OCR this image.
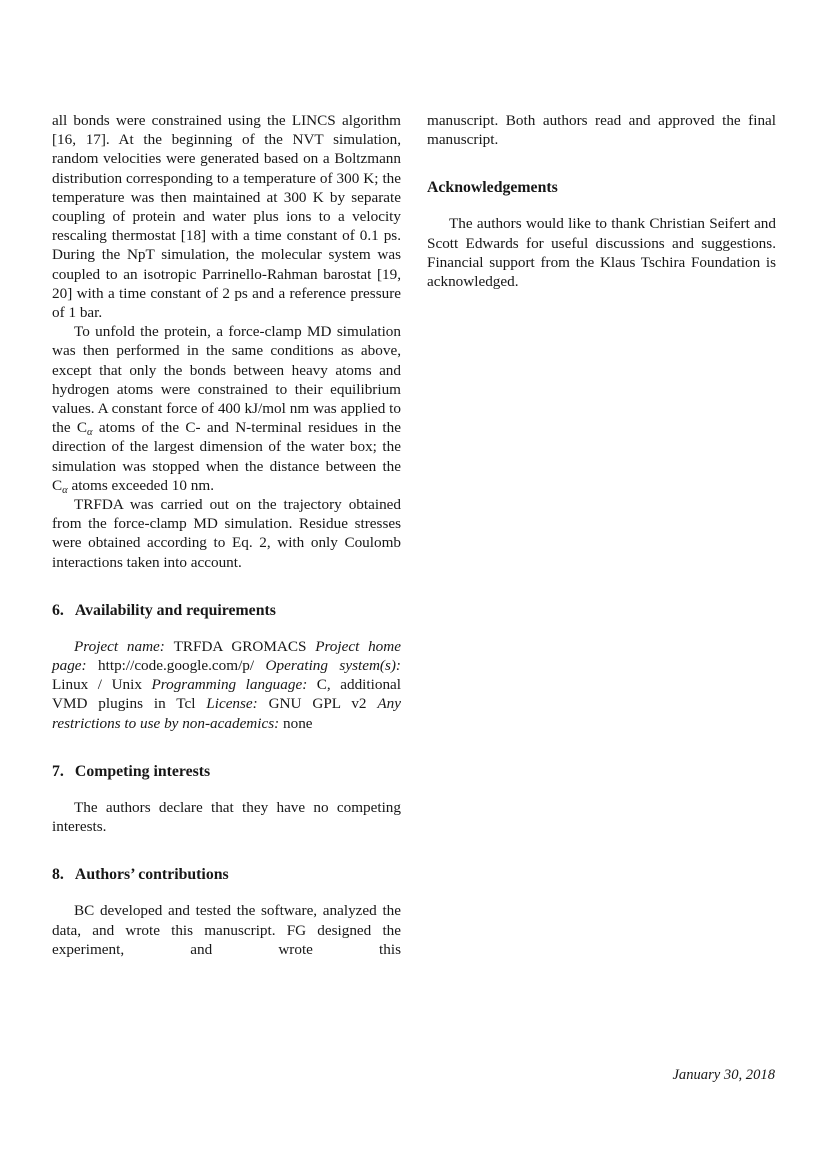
all bonds were constrained using the LINCS algorithm [16, 17]. At the beginning of the NVT simulation, random velocities were generated based on a Boltzmann distribution corresponding to a temperature of 300 K; the temperature was then maintained at 300 K by separate coupling of protein and water plus ions to a velocity rescaling thermostat [18] with a time constant of 0.1 ps. During the NpT simulation, the molecular system was coupled to an isotropic Parrinello-Rahman barostat [19, 20] with a time constant of 2 ps and a reference pressure of 1 bar.

To unfold the protein, a force-clamp MD simulation was then performed in the same conditions as above, except that only the bonds between heavy atoms and hydrogen atoms were constrained to their equilibrium values. A constant force of 400 kJ/mol nm was applied to the $C_\alpha$ atoms of the C- and N-terminal residues in the direction of the largest dimension of the water box; the simulation was stopped when the distance between the $C_\alpha$ atoms exceeded 10 nm.

TRFDA was carried out on the trajectory obtained from the force-clamp MD simulation. Residue stresses were obtained according to Eq. 2, with only Coulomb interactions taken into account.

6. Availability and requirements

Project name: TRFDA GROMACS Project home page: http://code.google.com/p/ Operating system(s): Linux / Unix Programming language: C, additional VMD plugins in Tcl License: GNU GPL v2 Any restrictions to use by non-academics: none

7. Competing interests

The authors declare that they have no competing interests.

8. Authors’ contributions

BC developed and tested the software, analyzed the data, and wrote this manuscript. FG designed the experiment, and wrote this

manuscript. Both authors read and approved the final manuscript.

Acknowledgements

The authors would like to thank Christian Seifert and Scott Edwards for useful discussions and suggestions. Financial support from the Klaus Tschira Foundation is acknowledged.

January 30, 2018
